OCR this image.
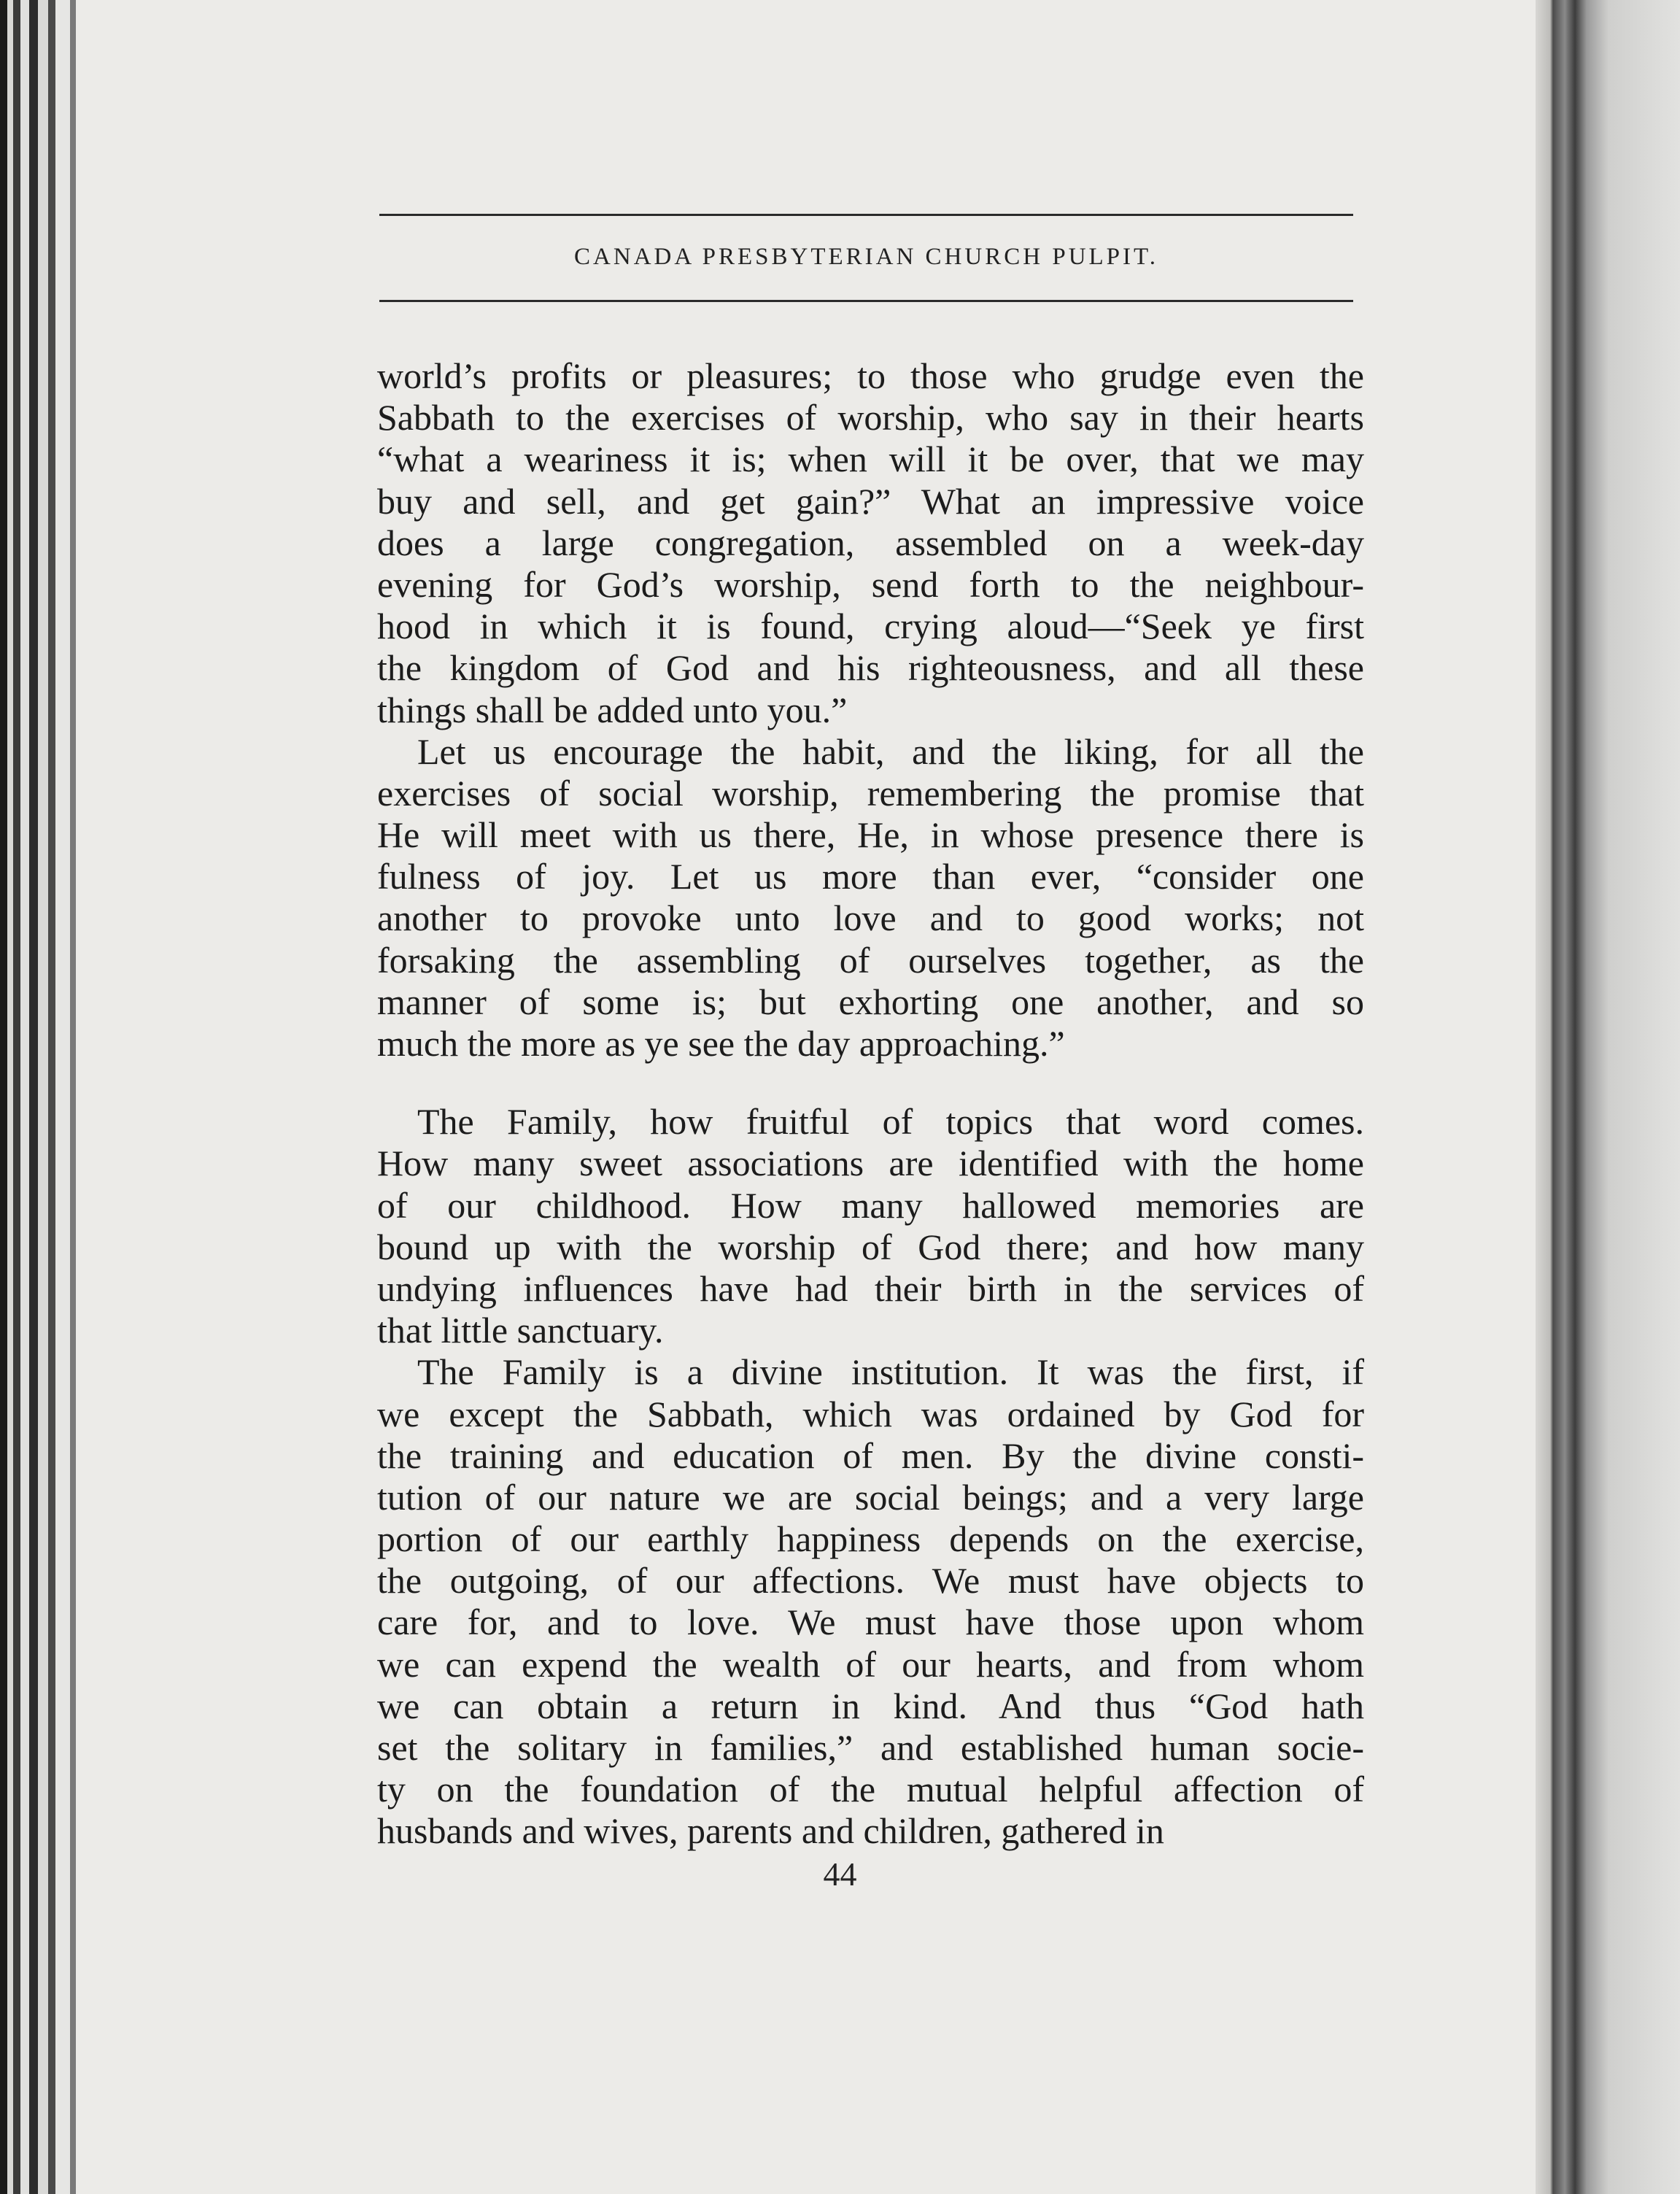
CANADA PRESBYTERIAN CHURCH PULPIT.
world’s profits or pleasures; to those who grudge even the
Sabbath to the exercises of worship, who say in their hearts
“what a weariness it is; when will it be over, that we may
buy and sell, and get gain?” What an impressive voice
does a large congregation, assembled on a week-day
evening for God’s worship, send forth to the neighbour-
hood in which it is found, crying aloud—“Seek ye first
the kingdom of God and his righteousness, and all these
things shall be added unto you.”
Let us encourage the habit, and the liking, for all the
exercises of social worship, remembering the promise that
He will meet with us there, He, in whose presence there is
fulness of joy. Let us more than ever, “consider one
another to provoke unto love and to good works; not
forsaking the assembling of ourselves together, as the
manner of some is; but exhorting one another, and so
much the more as ye see the day approaching.”
The Family, how fruitful of topics that word comes.
How many sweet associations are identified with the home
of our childhood. How many hallowed memories are
bound up with the worship of God there; and how many
undying influences have had their birth in the services of
that little sanctuary.
The Family is a divine institution. It was the first, if
we except the Sabbath, which was ordained by God for
the training and education of men. By the divine consti-
tution of our nature we are social beings; and a very large
portion of our earthly happiness depends on the exercise,
the outgoing, of our affections. We must have objects to
care for, and to love. We must have those upon whom
we can expend the wealth of our hearts, and from whom
we can obtain a return in kind. And thus “God hath
set the solitary in families,” and established human socie-
ty on the foundation of the mutual helpful affection of
husbands and wives, parents and children, gathered in
44
